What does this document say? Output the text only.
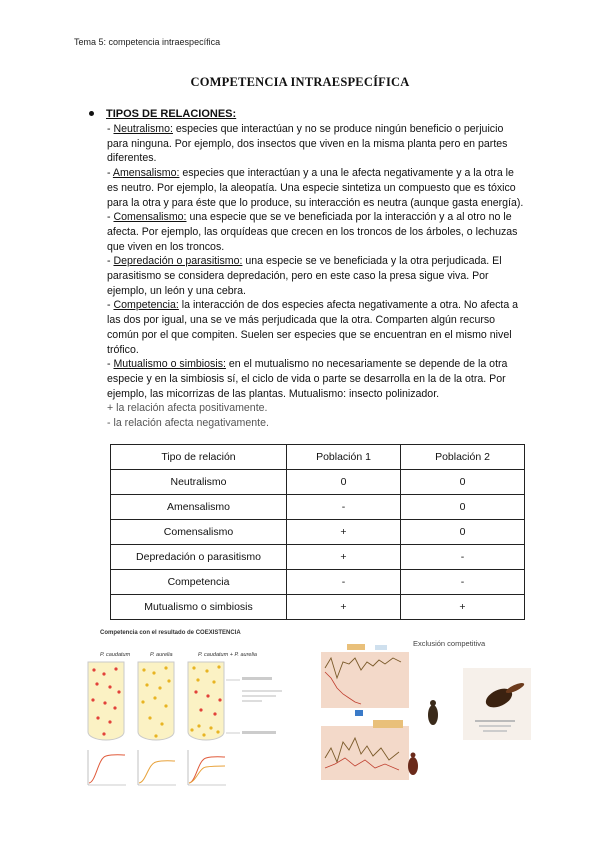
Tema 5: competencia intraespecífica
COMPETENCIA INTRAESPECÍFICA
TIPOS DE RELACIONES:

- Neutralismo: especies que interactúan y no se produce ningún beneficio o perjuicio para ninguna. Por ejemplo, dos insectos que viven en la misma planta pero en partes diferentes.

- Amensalismo: especies que interactúan y a una le afecta negativamente y a la otra le es neutro. Por ejemplo, la aleopatía. Una especie sintetiza un compuesto que es tóxico para la otra y para éste que lo produce, su interacción es neutra (aunque gasta energía).

- Comensalismo: una especie que se ve beneficiada por la interacción y a al otro no le afecta. Por ejemplo, las orquídeas que crecen en los troncos de los árboles, o lechuzas que viven en los troncos.

- Depredación o parasitismo: una especie se ve beneficiada y la otra perjudicada. El parasitismo se considera depredación, pero en este caso la presa sigue viva. Por ejemplo, un león y una cebra.

- Competencia: la interacción de dos especies afecta negativamente a otra. No afecta a las dos por igual, una se ve más perjudicada que la otra. Comparten algún recurso común por el que compiten. Suelen ser especies que se encuentran en el mismo nivel trófico.

- Mutualismo o simbiosis: en el mutualismo no necesariamente se depende de la otra especie y en la simbiosis sí, el ciclo de vida o parte se desarrolla en la de la otra. Por ejemplo, las micorrizas de las plantas. Mutualismo: insecto polinizador.

+ la relación afecta positivamente.

- la relación afecta negativamente.

Tipo de relación	Población 1	Población 2
Neutralismo	0	0
Amensalismo	-	0
Comensalismo	+	0
Depredación o parasitismo	+	-
Competencia	-	-
Mutualismo o simbiosis	+	+
Competencia con el resultado de COEXISTENCIA
P. caudatum	P. aurelia	P. caudatum + P. aurelia
Exclusión competitiva
